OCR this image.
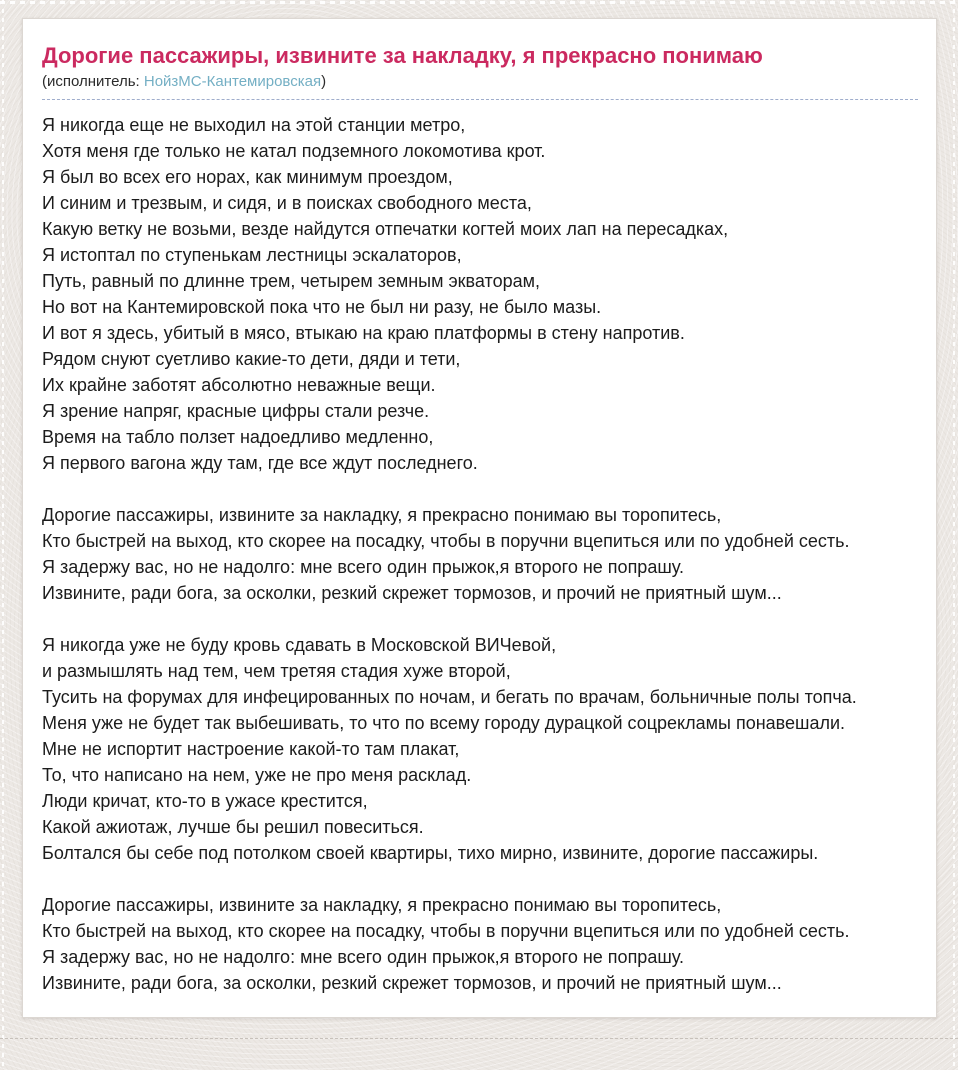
Дорогие пассажиры, извините за накладку, я прекрасно понимаю
(исполнитель: НойзМС-Кантемировская)
Я никогда еще не выходил на этой станции метро,
Хотя меня где только не катал подземного локомотива крот.
Я был во всех его норах, как минимум проездом,
И синим и трезвым, и сидя, и в поисках свободного места,
Какую ветку не возьми, везде найдутся отпечатки когтей моих лап на пересадках,
Я истоптал по ступенькам лестницы эскалаторов,
Путь, равный по длинне трем, четырем земным экваторам,
Но вот на Кантемировской пока что не был ни разу, не было мазы.
И вот я здесь, убитый в мясо, втыкаю на краю платформы в стену напротив.
Рядом снуют суетливо какие-то дети, дяди и тети,
Их крайне заботят абсолютно неважные вещи.
Я зрение напряг, красные цифры стали резче.
Время на табло ползет надоедливо медленно,
Я первого вагона жду там, где все ждут последнего.
Дорогие пассажиры, извините за накладку, я прекрасно понимаю вы торопитесь,
Кто быстрей на выход, кто скорее на посадку, чтобы в поручни вцепиться или по удобней сесть.
Я задержу вас, но не надолго: мне всего один прыжок,я второго не попрашу.
Извините, ради бога, за осколки, резкий скрежет тормозов, и прочий не приятный шум...
Я никогда уже не буду кровь сдавать в Московской ВИЧевой,
и размышлять над тем, чем третяя стадия хуже второй,
Тусить на форумах для инфецированных по ночам, и бегать по врачам, больничные полы топча.
Меня уже не будет так выбешивать, то что по всему городу дурацкой соцрекламы понавешали.
Мне не испортит настроение какой-то там плакат,
То, что написано на нем, уже не про меня расклад.
Люди кричат, кто-то в ужасе крестится,
Какой ажиотаж, лучше бы решил повеситься.
Болтался бы себе под потолком своей квартиры, тихо мирно, извините, дорогие пассажиры.
Дорогие пассажиры, извините за накладку, я прекрасно понимаю вы торопитесь,
Кто быстрей на выход, кто скорее на посадку, чтобы в поручни вцепиться или по удобней сесть.
Я задержу вас, но не надолго: мне всего один прыжок,я второго не попрашу.
Извините, ради бога, за осколки, резкий скрежет тормозов, и прочий не приятный шум...
